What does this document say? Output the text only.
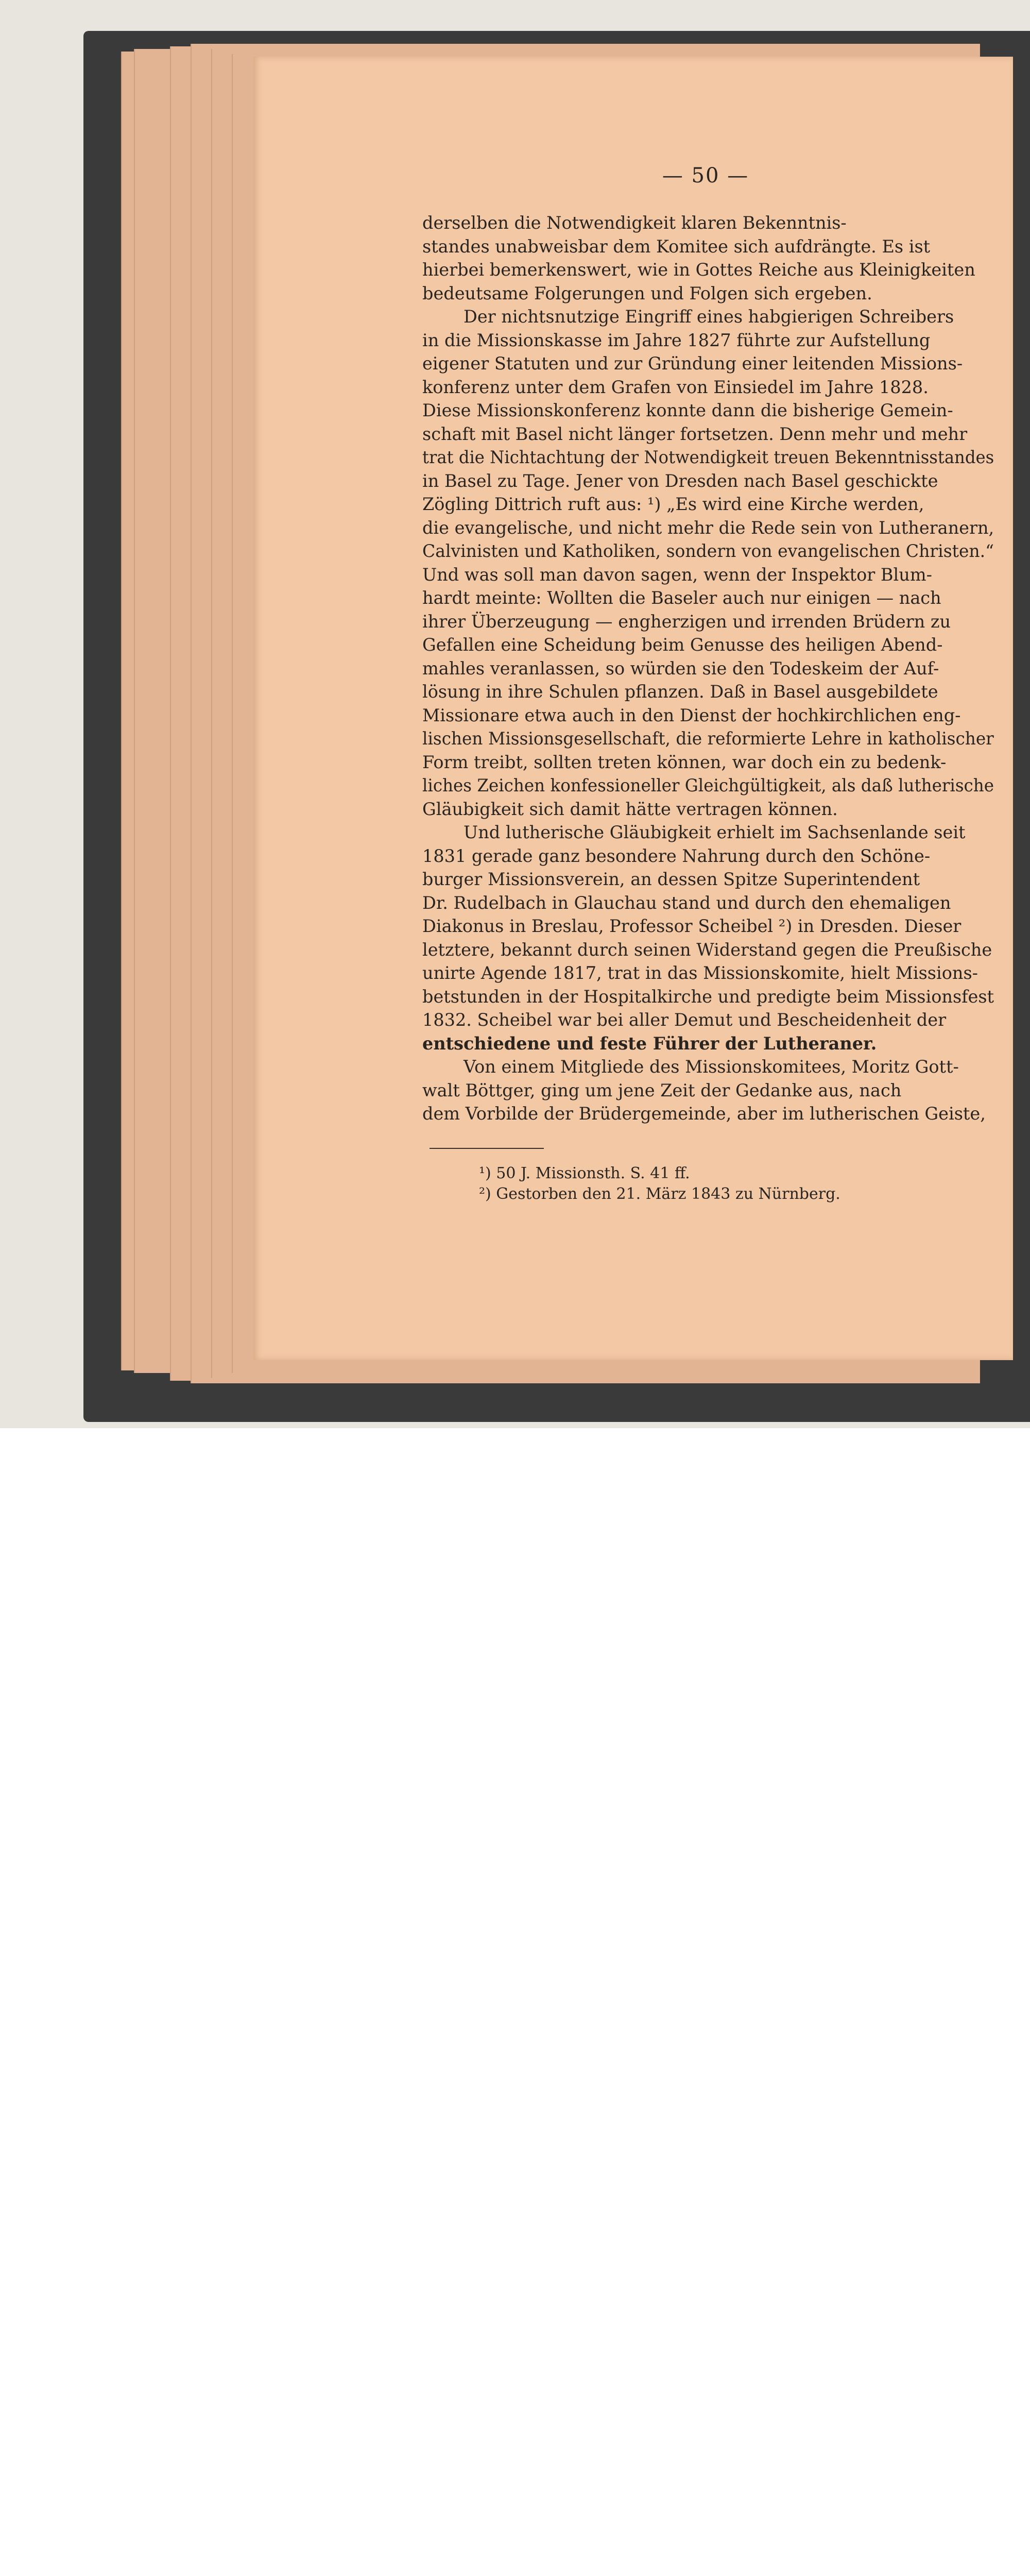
— 50 —
derselben die Notwendigkeit klaren Bekenntnis-
standes unabweisbar dem Komitee sich aufdrängte. Es ist
hierbei bemerkenswert, wie in Gottes Reiche aus Kleinigkeiten
bedeutsame Folgerungen und Folgen sich ergeben.
Der nichtsnutzige Eingriff eines habgierigen Schreibers
in die Missionskasse im Jahre 1827 führte zur Aufstellung
eigener Statuten und zur Gründung einer leitenden Missions-
konferenz unter dem Grafen von Einsiedel im Jahre 1828.
Diese Missionskonferenz konnte dann die bisherige Gemein-
schaft mit Basel nicht länger fortsetzen. Denn mehr und mehr
trat die Nichtachtung der Notwendigkeit treuen Bekenntnisstandes
in Basel zu Tage. Jener von Dresden nach Basel geschickte
Zögling Dittrich ruft aus: ¹) „Es wird eine Kirche werden,
die evangelische, und nicht mehr die Rede sein von Lutheranern,
Calvinisten und Katholiken, sondern von evangelischen Christen.“
Und was soll man davon sagen, wenn der Inspektor Blum-
hardt meinte: Wollten die Baseler auch nur einigen — nach
ihrer Überzeugung — engherzigen und irrenden Brüdern zu
Gefallen eine Scheidung beim Genusse des heiligen Abend-
mahles veranlassen, so würden sie den Todeskeim der Auf-
lösung in ihre Schulen pflanzen. Daß in Basel ausgebildete
Missionare etwa auch in den Dienst der hochkirchlichen eng-
lischen Missionsgesellschaft, die reformierte Lehre in katholischer
Form treibt, sollten treten können, war doch ein zu bedenk-
liches Zeichen konfessioneller Gleichgültigkeit, als daß lutherische
Gläubigkeit sich damit hätte vertragen können.
Und lutherische Gläubigkeit erhielt im Sachsenlande seit
1831 gerade ganz besondere Nahrung durch den Schöne-
burger Missionsverein, an dessen Spitze Superintendent
Dr. Rudelbach in Glauchau stand und durch den ehemaligen
Diakonus in Breslau, Professor Scheibel ²) in Dresden. Dieser
letztere, bekannt durch seinen Widerstand gegen die Preußische
unirte Agende 1817, trat in das Missionskomite, hielt Missions-
betstunden in der Hospitalkirche und predigte beim Missionsfest
1832. Scheibel war bei aller Demut und Bescheidenheit der
entschiedene und feste Führer der Lutheraner.
Von einem Mitgliede des Missionskomitees, Moritz Gott-
walt Böttger, ging um jene Zeit der Gedanke aus, nach
dem Vorbilde der Brüdergemeinde, aber im lutherischen Geiste,
¹) 50 J. Missionsth. S. 41 ff.
²) Gestorben den 21. März 1843 zu Nürnberg.
